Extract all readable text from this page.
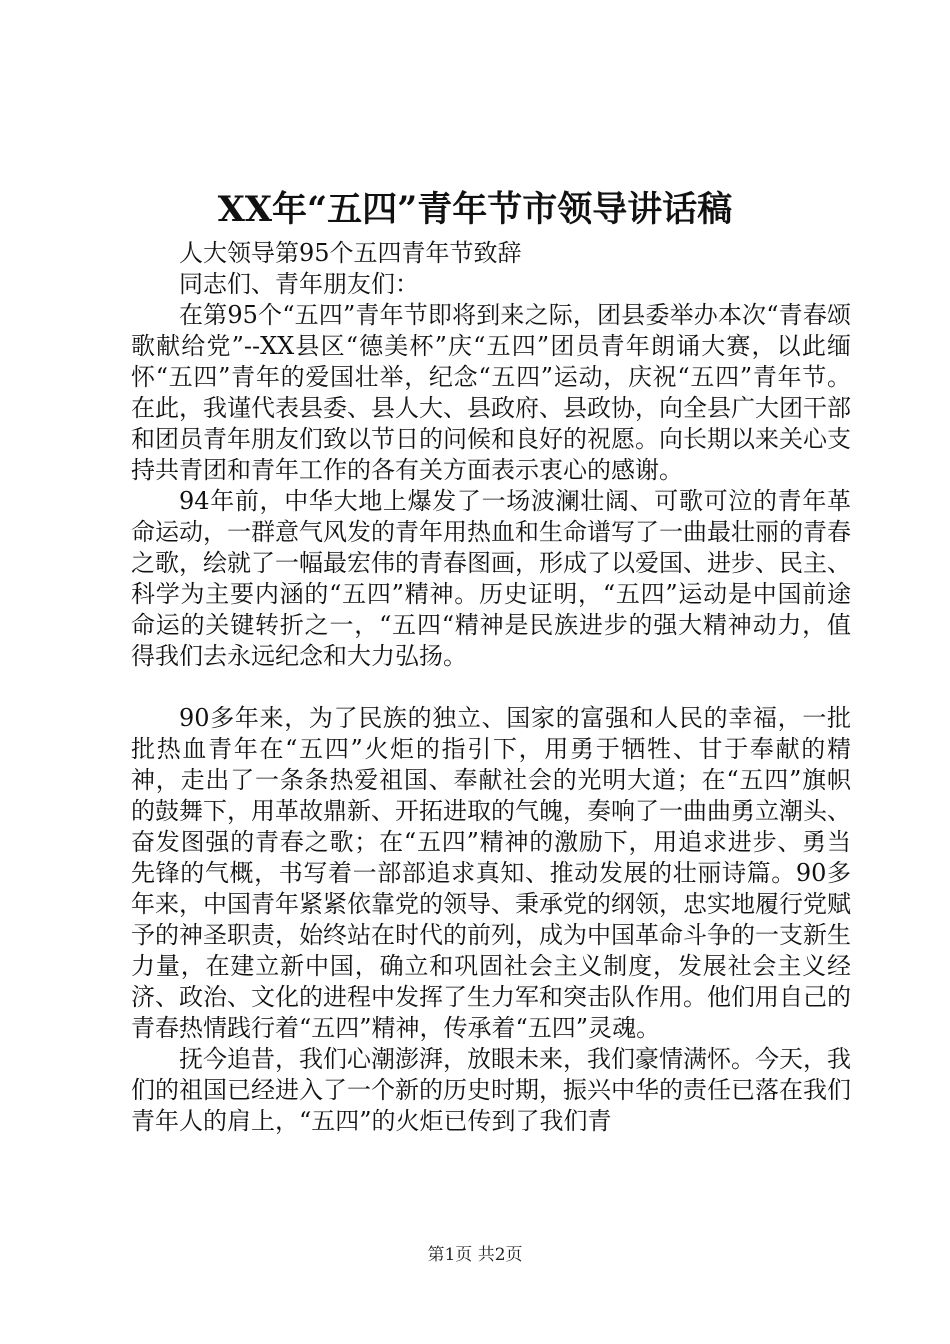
XX年“五四”青年节市领导讲话稿

人大领导第95个五四青年节致辞

同志们、青年朋友们：

在第95个“五四”青年节即将到来之际，团县委举办本次“青春颂歌献给党”--XX县区“德美杯”庆“五四”团员青年朗诵大赛，以此缅怀“五四”青年的爱国壮举，纪念“五四”运动，庆祝“五四”青年节。在此，我谨代表县委、县人大、县政府、县政协，向全县广大团干部和团员青年朋友们致以节日的问候和良好的祝愿。向长期以来关心支持共青团和青年工作的各有关方面表示衷心的感谢。

94年前，中华大地上爆发了一场波澜壮阔、可歌可泣的青年革命运动，一群意气风发的青年用热血和生命谱写了一曲最壮丽的青春之歌，绘就了一幅最宏伟的青春图画，形成了以爱国、进步、民主、科学为主要内涵的“五四”精神。历史证明，“五四”运动是中国前途命运的关键转折之一，“五四“精神是民族进步的强大精神动力，值得我们去永远纪念和大力弘扬。

90多年来，为了民族的独立、国家的富强和人民的幸福，一批批热血青年在“五四”火炬的指引下，用勇于牺牲、甘于奉献的精神，走出了一条条热爱祖国、奉献社会的光明大道；在“五四”旗帜的鼓舞下，用革故鼎新、开拓进取的气魄，奏响了一曲曲勇立潮头、奋发图强的青春之歌；在“五四”精神的激励下，用追求进步、勇当先锋的气概，书写着一部部追求真知、推动发展的壮丽诗篇。90多年来，中国青年紧紧依靠党的领导、秉承党的纲领，忠实地履行党赋予的神圣职责，始终站在时代的前列，成为中国革命斗争的一支新生力量，在建立新中国，确立和巩固社会主义制度，发展社会主义经济、政治、文化的进程中发挥了生力军和突击队作用。他们用自己的青春热情践行着“五四”精神，传承着“五四”灵魂。

抚今追昔，我们心潮澎湃，放眼未来，我们豪情满怀。今天，我们的祖国已经进入了一个新的历史时期，振兴中华的责任已落在我们青年人的肩上，“五四”的火炬已传到了我们青

第1页 共2页
